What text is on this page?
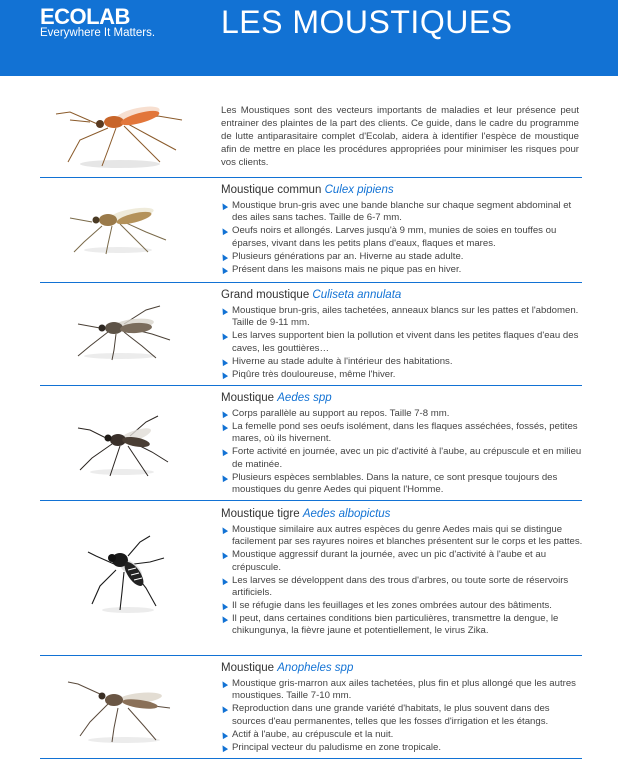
ECOLAB
Everywhere It Matters. LES MOUSTIQUES
Les Moustiques sont des vecteurs importants de maladies et leur présence peut entrainer des plaintes de la part des clients. Ce guide, dans le cadre du programme de lutte antiparasitaire complet d'Ecolab, aidera à identifier l'espèce de moustique afin de mettre en place les procédures appropriées pour minimiser les risques pour vos clients.
Moustique commun Culex pipiens
Moustique brun-gris avec une bande blanche sur chaque segment abdominal et des ailes sans taches. Taille de 6-7 mm.
Oeufs noirs et allongés. Larves jusqu'à 9 mm, munies de soies en touffes ou éparses, vivant dans les petits plans d'eaux, flaques et mares.
Plusieurs générations par an. Hiverne au stade adulte.
Présent dans les maisons mais ne pique pas en hiver.
Grand moustique Culiseta annulata
Moustique brun-gris, ailes tachetées, anneaux blancs sur les pattes et l'abdomen. Taille de 9-11 mm.
Les larves supportent bien la pollution et vivent dans les petites flaques d'eau des caves, les gouttières…
Hiverne au stade adulte à l'intérieur des habitations.
Piqûre très douloureuse, même l'hiver.
Moustique Aedes spp
Corps parallèle au support au repos. Taille 7-8 mm.
La femelle pond ses oeufs isolément, dans les flaques asséchées, fossés, petites mares, où ils hivernent.
Forte activité en journée, avec un pic d'activité à l'aube, au crépuscule et en milieu de matinée.
Plusieurs espèces semblables. Dans la nature, ce sont presque toujours des moustiques du genre Aedes qui piquent l'Homme.
Moustique tigre Aedes albopictus
Moustique similaire aux autres espèces du genre Aedes mais qui se distingue facilement par ses rayures noires et blanches présentent sur le corps et les pattes.
Moustique aggressif durant la journée, avec un pic d'activité à l'aube et au crépuscule.
Les larves se développent dans des trous d'arbres, ou toute sorte de réservoirs artificiels.
Il se réfugie dans les feuillages et les zones ombrées autour des bâtiments.
Il peut, dans certaines conditions bien particulières, transmettre la dengue, le chikungunya, la fièvre jaune et potentiellement, le virus Zika.
Moustique Anopheles spp
Moustique gris-marron aux ailes tachetées, plus fin et plus allongé que les autres moustiques. Taille 7-10 mm.
Reproduction dans une grande variété d'habitats, le plus souvent dans des sources d'eau permanentes, telles que les fosses d'irrigation et les étangs.
Actif à l'aube, au crépuscule et la nuit.
Principal vecteur du paludisme en zone tropicale.
